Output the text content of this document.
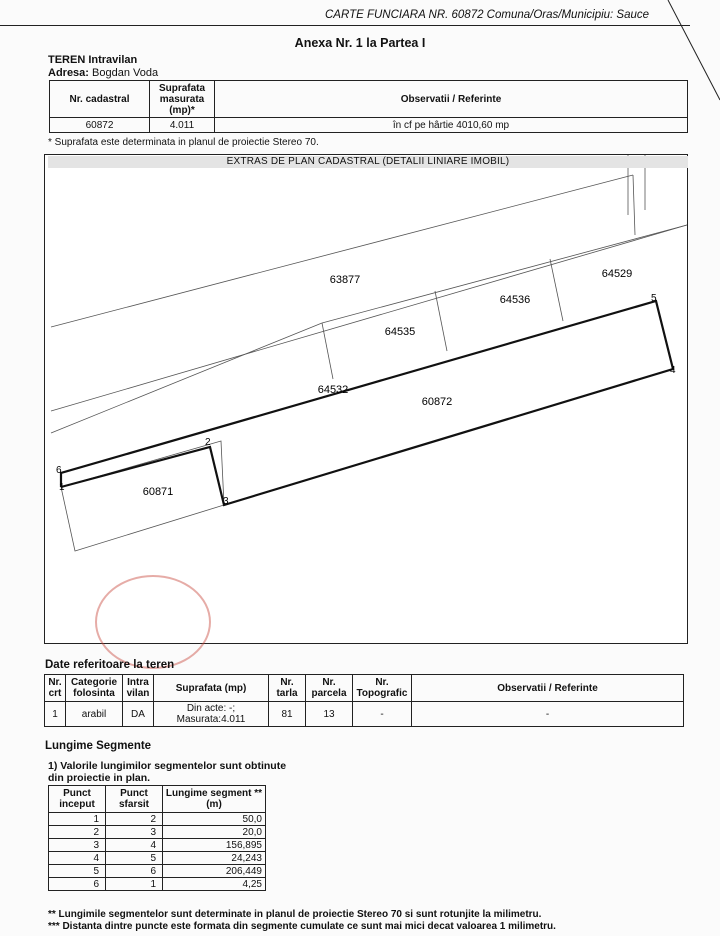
CARTE FUNCIARA NR. 60872 Comuna/Oras/Municipiu: Sauce
Anexa Nr. 1 la Partea I
TEREN Intravilan
Adresa: Bogdan Voda
Nr. cadastral	Suprafata masurata (mp)*	Observatii / Referinte
60872	4.011	în cf pe hârtie 4010,60 mp
* Suprafata este determinata in planul de proiectie Stereo 70.
63877	64529
64536
64535
64532
60872
60871
1
2
3
4
5
6
EXTRAS DE PLAN CADASTRAL (DETALII LINIARE IMOBIL)
Date referitoare la teren
Nr. crt	Categorie folosinta	Intra vilan	Suprafata (mp)	Nr. tarla	Nr. parcela	Nr. Topografic	Observatii / Referinte
1	arabil	DA	Din acte: -;
Masurata:4.011	81	13	-	-
Lungime Segmente
1) Valorile lungimilor segmentelor sunt obtinute din proiectie in plan.
Punct inceput	Punct sfarsit	Lungime segment ** (m)
1	2	50,0
2	3	20,0
3	4	156,895
4	5	24,243
5	6	206,449
6	1	4,25
** Lungimile segmentelor sunt determinate in planul de proiectie Stereo 70 si sunt rotunjite la milimetru.
*** Distanta dintre puncte este formata din segmente cumulate ce sunt mai mici decat valoarea 1 milimetru.
